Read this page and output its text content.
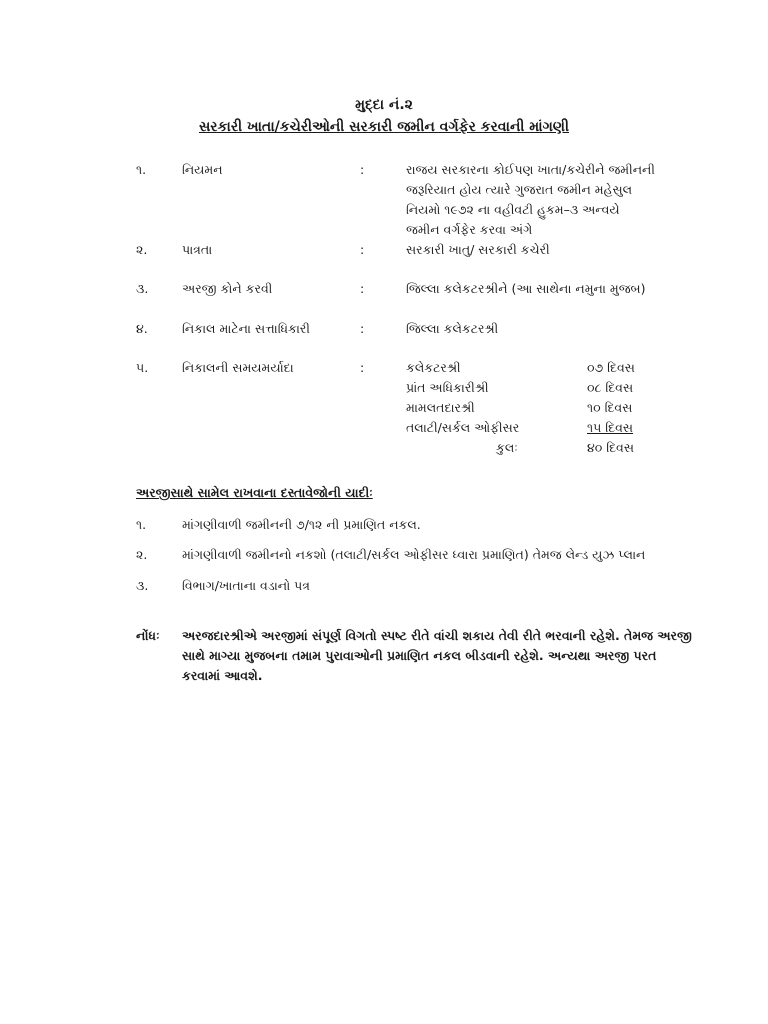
મુદ્દા નં.૨
સરકારી ખાતા/કચેરીઓની સરકારી જમીન વર્ગફેર કરવાની માંગણી
૧.	નિયમન	:	રાજય સરકારના કોઈપણ ખાતા/કચેરીને જમીનની જરૂરિયાત હોય ત્યારે ગુજરાત જમીન મહેસુલ નિયમો ૧૯૭૨ ના વહીવટી હુકમ–૩ અન્વયે જમીન વર્ગફેર કરવા અંગે
૨.	પાત્રતા	:	સરકારી ખાતુ/ સરકારી કચેરી
૩.	અરજી કોને કરવી	:	જિલ્લા કલેકટરશ્રીને (આ સાથેના નમુના મુજબ)
૪.	નિકાલ માટેના સત્તાધિકારી	:	જિલ્લા કલેકટરશ્રી
૫.	નિકાલની સમયમર્યાદા	:	કલેકટરશ્રી	૦૭ દિવસ
પ્રાંત અધિકારીશ્રી	૦૮ દિવસ
મામલતદારશ્રી	૧૦ દિવસ
તલાટી/સર્કલ ઓફીસર	૧૫ દિવસ
કુલઃ	૪૦ દિવસ
અરજીસાથે સામેલ રાખવાના દસ્તાવેજોની યાદીઃ
૧.	માંગણીવાળી જમીનની ૭/૧૨ ની પ્રમાણિત નકલ.
૨.	માંગણીવાળી જમીનનો નકશો (તલાટી/સર્કલ ઓફીસર ધ્વારા પ્રમાણિત) તેમજ લેન્ડ યુઝ પ્લાન
૩.	વિભાગ/ખાતાના વડાનો પત્ર
નોંધઃ અરજદારશ્રીએ અરજીમાં સંપૂર્ણ વિગતો સ્પષ્ટ રીતે વાંચી શકાય તેવી રીતે ભરવાની રહેશે. તેમજ અરજી સાથે માગ્યા મુજબના તમામ પુરાવાઓની પ્રમાણિત નકલ બીડવાની રહેશે. અન્યથા અરજી પરત કરવામાં આવશે.
